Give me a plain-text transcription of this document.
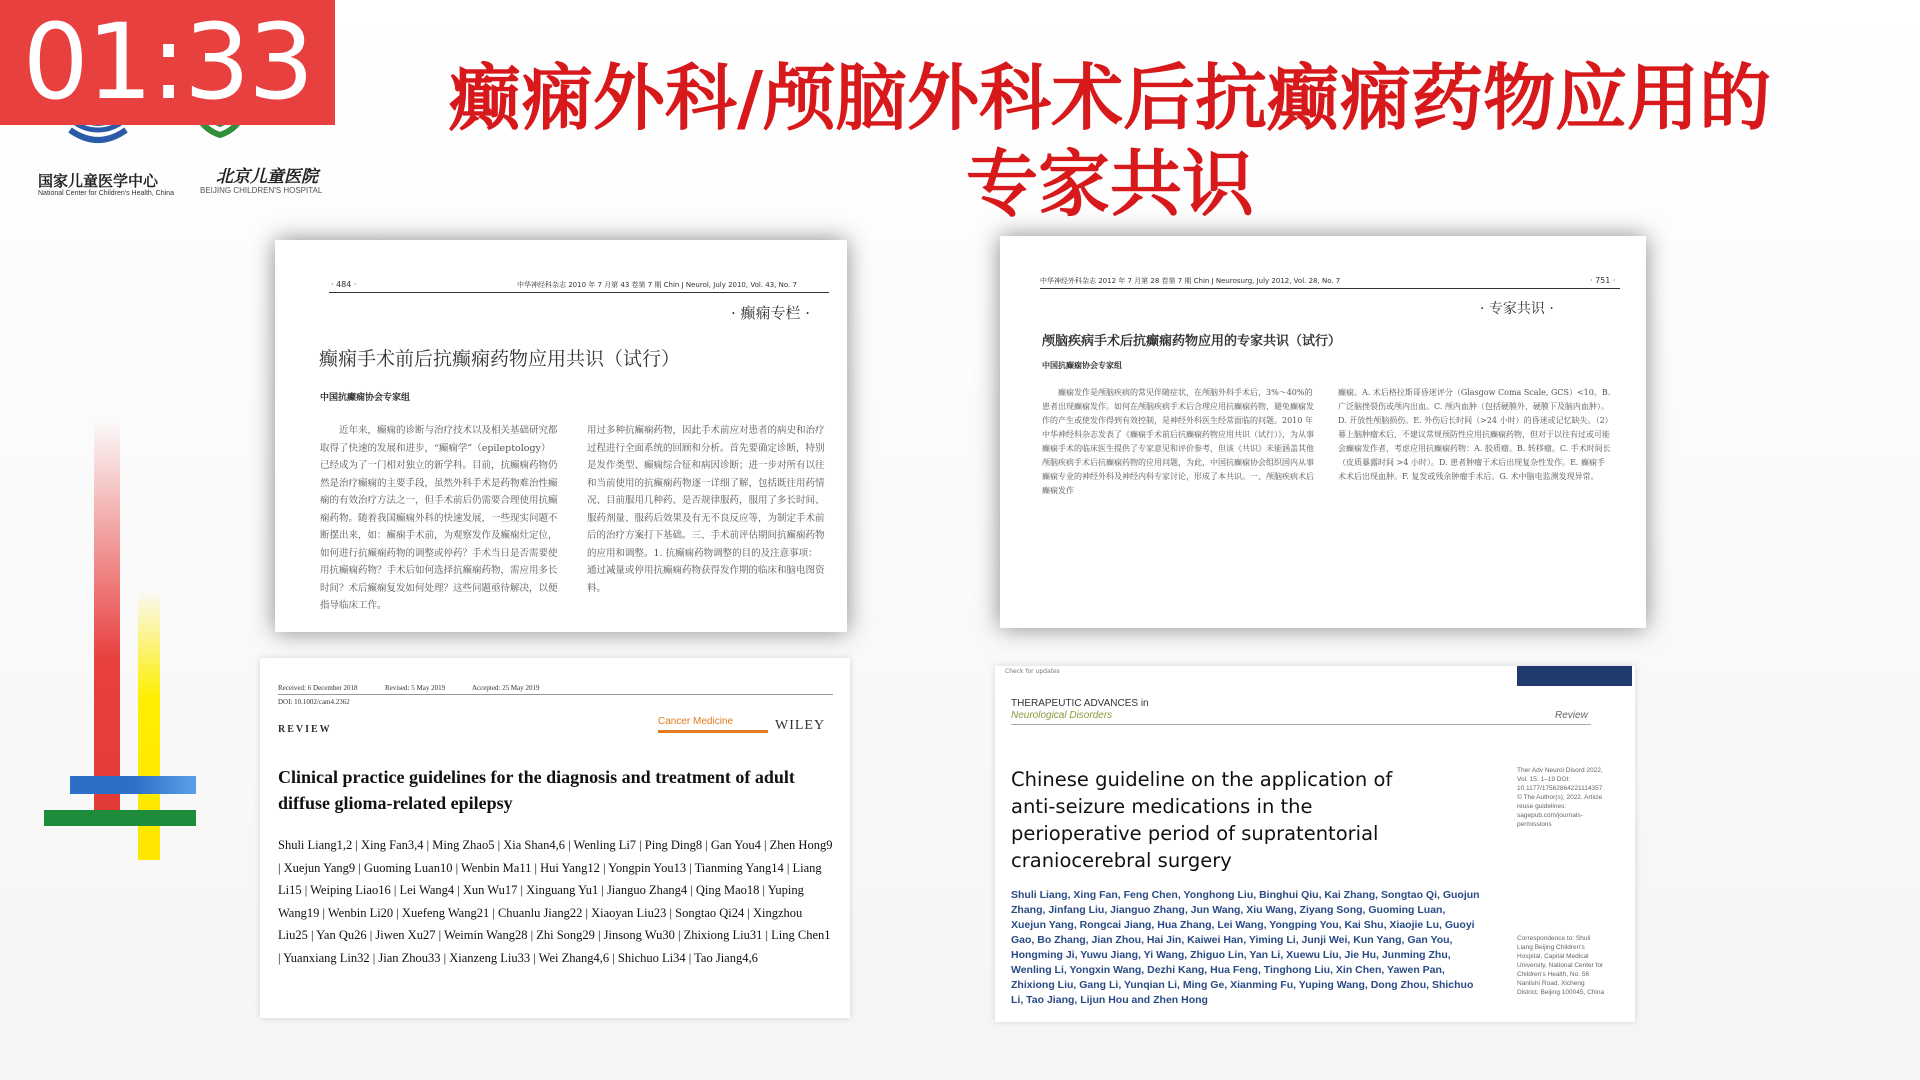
国家儿童医学中心
National Center for Children's Health, China
北京儿童医院
BEIJING CHILDREN'S HOSPITAL
01:33	癫痫外科/颅脑外科术后抗癫痫药物应用的专家共识
· 484 ·	中华神经科杂志 2010 年 7 月第 43 卷第 7 期 Chin J Neurol, July 2010, Vol. 43, No. 7
· 癫痫专栏 ·
癫痫手术前后抗癫痫药物应用共识（试行）
中国抗癫痫协会专家组
近年来，癫痫的诊断与治疗技术以及相关基础研究都取得了快速的发展和进步，“癫痫学”（epileptology）已经成为了一门相对独立的新学科。目前，抗癫痫药物仍然是治疗癫痫的主要手段，虽然外科手术是药物难治性癫痫的有效治疗方法之一，但手术前后仍需要合理使用抗癫痫药物。随着我国癫痫外科的快速发展，一些现实问题不断摆出来，如：癫痫手术前，为观察发作及癫痫灶定位，如何进行抗癫痫药物的调整或停药？手术当日是否需要使用抗癫痫药物？手术后如何选择抗癫痫药物，需应用多长时间？术后癫痫复发如何处理？这些问题亟待解决，以便指导临床工作。
用过多种抗癫痫药物，因此手术前应对患者的病史和治疗过程进行全面系统的回顾和分析。首先要确定诊断，特别是发作类型、癫痫综合征和病因诊断；进一步对所有以往和当前使用的抗癫痫药物逐一详细了解，包括既往用药情况、目前服用几种药、是否规律服药，服用了多长时间、服药剂量、服药后效果及有无不良反应等，为制定手术前后的治疗方案打下基础。三、手术前评估期间抗癫痫药物的应用和调整。1. 抗癫痫药物调整的目的及注意事项：通过减量或停用抗癫痫药物获得发作期的临床和脑电图资料。
中华神经外科杂志 2012 年 7 月第 28 卷第 7 期 Chin J Neurosurg, July 2012, Vol. 28, No. 7	· 751 ·
· 专家共识 ·
颅脑疾病手术后抗癫痫药物应用的专家共识（试行）
中国抗癫痫协会专家组
癫痫发作是颅脑疾病的常见伴随症状，在颅脑外科手术后，3%～40%的患者出现癫痫发作。如何在颅脑疾病手术后合理应用抗癫痫药物，避免癫痫发作的产生或使发作得到有效控制，是神经外科医生经常面临的问题。2010 年中华神经科杂志发表了《癫痫手术前后抗癫痫药物应用共识（试行）》，为从事癫痫手术的临床医生提供了专家意见和评价参考，但该《共识》未能涵盖其他颅脑疾病手术后抗癫痫药物的应用问题，为此，中国抗癫痫协会组织国内从事癫痫专业的神经外科及神经内科专家讨论，形成了本共识。一、颅脑疾病术后癫痫发作
癫痫。A. 术后格拉斯哥昏迷评分（Glasgow Coma Scale, GCS）<10。B. 广泛脑挫裂伤或颅内出血。C. 颅内血肿（包括硬膜外、硬膜下及脑内血肿）。D. 开放性颅脑损伤。E. 外伤后长时间（>24 小时）的昏迷或记忆缺失。（2）幕上脑肿瘤术后，不建议常规预防性应用抗癫痫药物，但对于以往有过或可能会癫痫发作者，考虑应用抗癫痫药物：A. 胶质瘤。B. 转移瘤。C. 手术时间长（皮质暴露时间 >4 小时）。D. 患者肿瘤于术后出现复杂性发作。E. 癫痫手术术后出现血肿。F. 复发或残余肿瘤手术后。G. 术中脑电监测发现异常。
Received: 6 December 2018	Revised: 5 May 2019	Accepted: 25 May 2019
DOI: 10.1002/cam4.2362
REVIEW
Cancer Medicine	WILEY
Clinical practice guidelines for the diagnosis and treatment of adult diffuse glioma-related epilepsy
Shuli Liang1,2 | Xing Fan3,4 | Ming Zhao5 | Xia Shan4,6 | Wenling Li7 | Ping Ding8 | Gan You4 | Zhen Hong9 | Xuejun Yang9 | Guoming Luan10 | Wenbin Ma11 | Hui Yang12 | Yongpin You13 | Tianming Yang14 | Liang Li15 | Weiping Liao16 | Lei Wang4 | Xun Wu17 | Xinguang Yu1 | Jianguo Zhang4 | Qing Mao18 | Yuping Wang19 | Wenbin Li20 | Xuefeng Wang21 | Chuanlu Jiang22 | Xiaoyan Liu23 | Songtao Qi24 | Xingzhou Liu25 | Yan Qu26 | Jiwen Xu27 | Weimin Wang28 | Zhi Song29 | Jinsong Wu30 | Zhixiong Liu31 | Ling Chen1 | Yuanxiang Lin32 | Jian Zhou33 | Xianzeng Liu33 | Wei Zhang4,6 | Shichuo Li34 | Tao Jiang4,6
Check for updates
THERAPEUTIC ADVANCES in
Neurological Disorders	Review
Chinese guideline on the application of anti-seizure medications in the perioperative period of supratentorial craniocerebral surgery
Shuli Liang, Xing Fan, Feng Chen, Yonghong Liu, Binghui Qiu, Kai Zhang, Songtao Qi, Guojun Zhang, Jinfang Liu, Jianguo Zhang, Jun Wang, Xiu Wang, Ziyang Song, Guoming Luan, Xuejun Yang, Rongcai Jiang, Hua Zhang, Lei Wang, Yongping You, Kai Shu, Xiaojie Lu, Guoyi Gao, Bo Zhang, Jian Zhou, Hai Jin, Kaiwei Han, Yiming Li, Junji Wei, Kun Yang, Gan You, Hongming Ji, Yuwu Jiang, Yi Wang, Zhiguo Lin, Yan Li, Xuewu Liu, Jie Hu, Junming Zhu, Wenling Li, Yongxin Wang, Dezhi Kang, Hua Feng, Tinghong Liu, Xin Chen, Yawen Pan, Zhixiong Liu, Gang Li, Yunqian Li, Ming Ge, Xianming Fu, Yuping Wang, Dong Zhou, Shichuo Li, Tao Jiang, Lijun Hou and Zhen Hong
Ther Adv Neurol Disord 2022, Vol. 15: 1–19 DOI: 10.1177/17562864221114357 © The Author(s), 2022. Article reuse guidelines: sagepub.com/journals-permissions
Correspondence to: Shuli Liang Beijing Children's Hospital, Capital Medical University, National Center for Children's Health, No. 56 Nanlishi Road, Xicheng District, Beijing 100045, China
